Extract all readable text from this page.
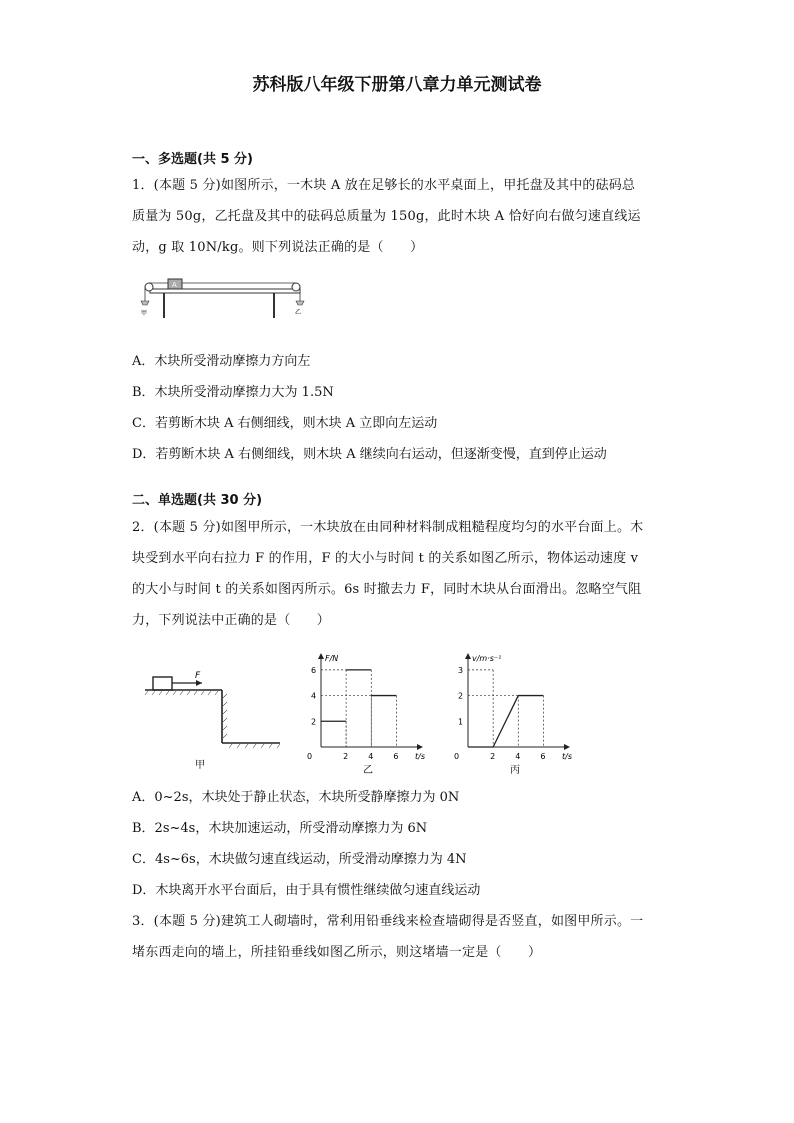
苏科版八年级下册第八章力单元测试卷
一、多选题(共 5 分)
1．(本题 5 分)如图所示，一木块 A 放在足够长的水平桌面上，甲托盘及其中的砝码总
质量为 50g，乙托盘及其中的砝码总质量为 150g，此时木块 A 恰好向右做匀速直线运
动，g 取 10N/kg。则下列说法正确的是（　　）
A
甲	乙
A．木块所受滑动摩擦力方向左
B．木块所受滑动摩擦力大为 1.5N
C．若剪断木块 A 右侧细线，则木块 A 立即向左运动
D．若剪断木块 A 右侧细线，则木块 A 继续向右运动，但逐渐变慢，直到停止运动
二、单选题(共 30 分)
2．(本题 5 分)如图甲所示，一木块放在由同种材料制成粗糙程度均匀的水平台面上。木
块受到水平向右拉力 F 的作用，F 的大小与时间 t 的关系如图乙所示，物体运动速度 v
的大小与时间 t 的关系如图丙所示。6s 时撤去力 F，同时木块从台面滑出。忽略空气阻
力，下列说法中正确的是（　　）
F
甲
F/N
t/s
0	2	4	6
2
4
6
乙
v/m·s⁻¹
t/s
0	2	4	6
1
2
3
丙
A．0~2s，木块处于静止状态，木块所受静摩擦力为 0N
B．2s~4s，木块加速运动，所受滑动摩擦力为 6N
C．4s~6s，木块做匀速直线运动，所受滑动摩擦力为 4N
D．木块离开水平台面后，由于具有惯性继续做匀速直线运动
3．(本题 5 分)建筑工人砌墙时，常利用铅垂线来检查墙砌得是否竖直，如图甲所示。一
堵东西走向的墙上，所挂铅垂线如图乙所示，则这堵墙一定是（　　）
